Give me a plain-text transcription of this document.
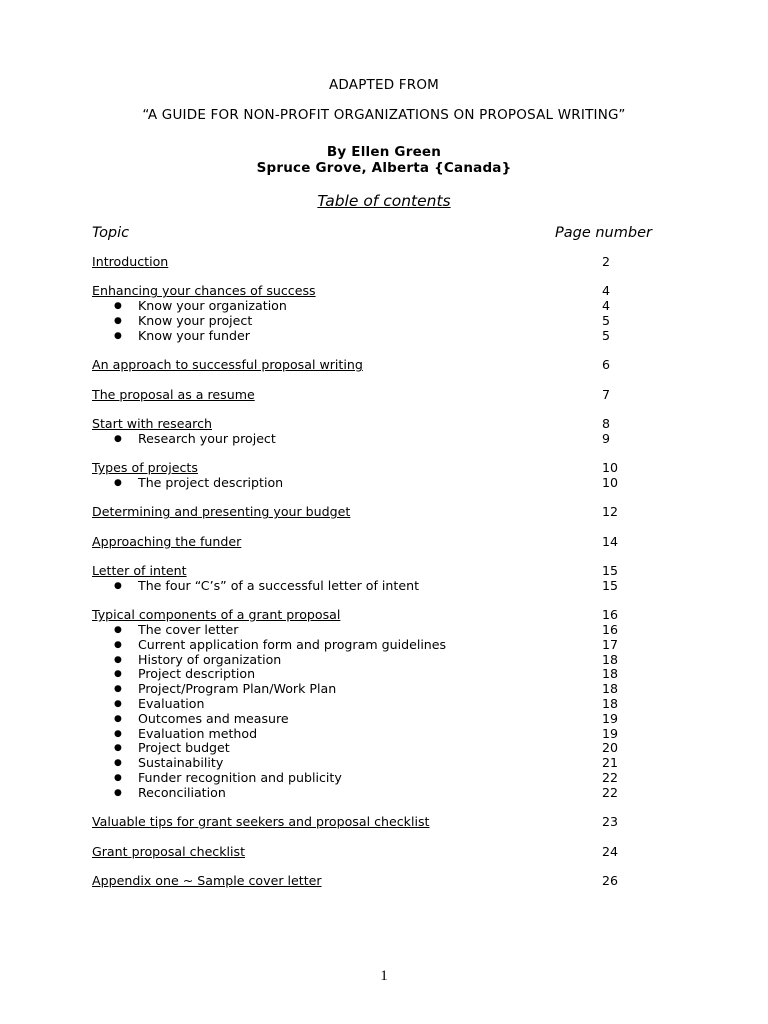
ADAPTED FROM
“A GUIDE FOR NON-PROFIT ORGANIZATIONS ON PROPOSAL WRITING”
By Ellen Green
Spruce Grove, Alberta {Canada}
Table of contents
Topic	Page number
Introduction	2
Enhancing your chances of success	4
● Know your organization	4
● Know your project	5
● Know your funder	5
An approach to successful proposal writing	6
The proposal as a resume	7
Start with research	8
● Research your project	9
Types of projects	10
● The project description	10
Determining and presenting your budget	12
Approaching the funder	14
Letter of intent	15
● The four “C’s” of a successful letter of intent	15
Typical components of a grant proposal	16
● The cover letter	16
● Current application form and program guidelines	17
● History of organization	18
● Project description	18
● Project/Program Plan/Work Plan	18
● Evaluation	18
● Outcomes and measure	19
● Evaluation method	19
● Project budget	20
● Sustainability	21
● Funder recognition and publicity	22
● Reconciliation	22
Valuable tips for grant seekers and proposal checklist	23
Grant proposal checklist	24
Appendix one ~ Sample cover letter	26
1
